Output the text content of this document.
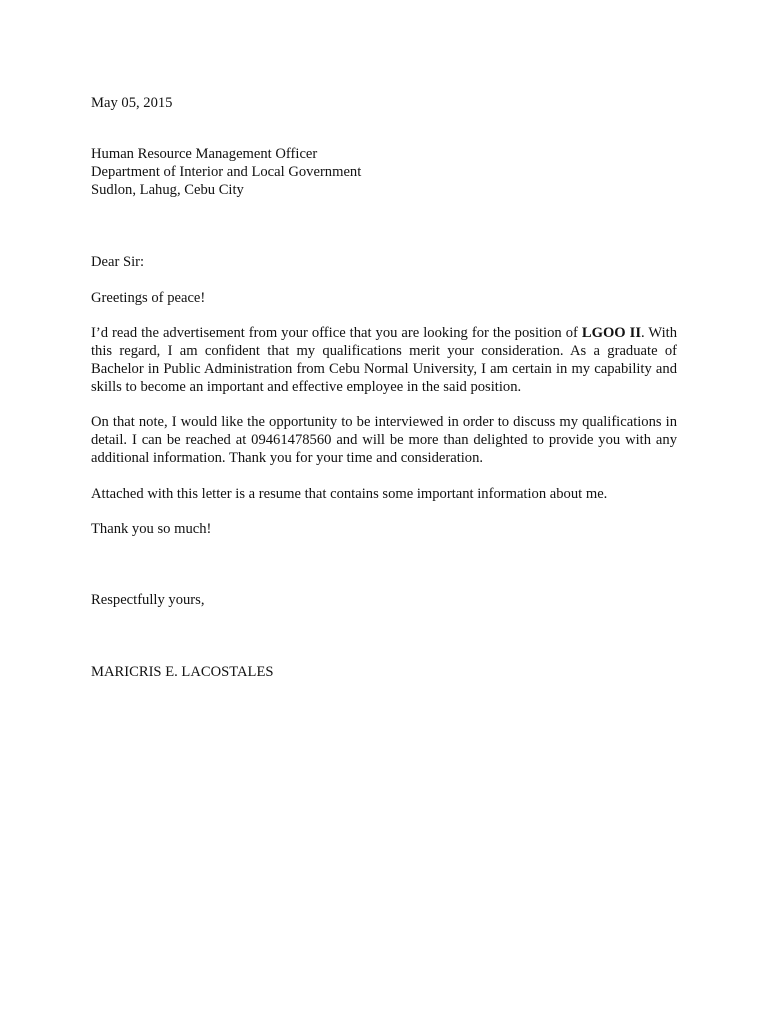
May 05, 2015
Human Resource Management Officer
Department of Interior and Local Government
Sudlon, Lahug, Cebu City
Dear Sir:
Greetings of peace!
I’d read the advertisement from your office that you are looking for the position of LGOO II. With this regard, I am confident that my qualifications merit your consideration. As a graduate of Bachelor in Public Administration from Cebu Normal University, I am certain in my capability and skills to become an important and effective employee in the said position.
On that note, I would like the opportunity to be interviewed in order to discuss my qualifications in detail. I can be reached at 09461478560 and will be more than delighted to provide you with any additional information. Thank you for your time and consideration.
Attached with this letter is a resume that contains some important information about me.
Thank you so much!
Respectfully yours,
MARICRIS E. LACOSTALES
